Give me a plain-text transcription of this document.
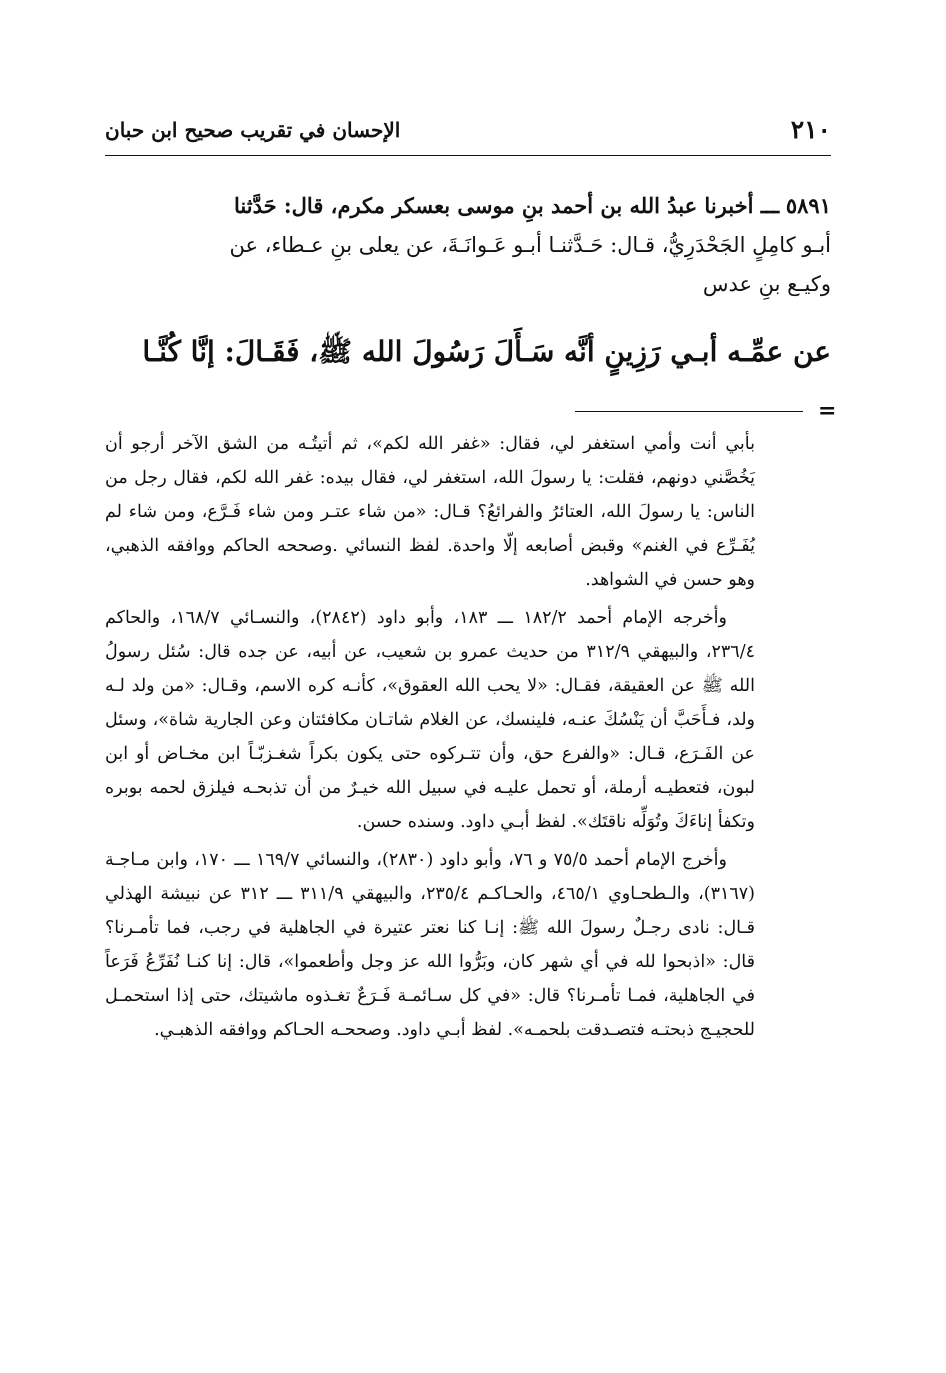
٢١٠
الإحسان في تقريب صحيح ابن حبان

٥٨٩١ ـــ أخبرنا عبدُ الله بن أحمد بنِ موسى بعسكر مكرم، قال: حَدَّثنا

أبـو كامِلٍ الجَحْدَرِيُّ، قـال: حَـدَّثنـا أبـو عَـوانَـةَ، عن يعلى بنِ عـطاء، عن

وكيـع بنِ عدس

عن عمِّـه أبـي رَزِينٍ أنَّه سَـأَلَ رَسُولَ الله ﷺ، فَقَـالَ: إنَّا كُنَّـا
=

بأبي أنت وأمي استغفر لي، فقال: «غفر الله لكم»، ثم أتيتُـه من الشق الآخر أرجو أن يَخُصَّني دونهم، فقلت: يا رسولَ الله، استغفر لي، فقال بيده: غفر الله لكم، فقال رجل من الناس: يا رسولَ الله، العتائرُ والفرائعُ؟ قـال: «من شاء عتـر ومن شاء فَـرَّع، ومن شاء لم يُفَـرِّع في الغنم» وقبض أصابعه إلّا واحدة. لفظ النسائي .وصححه الحاكم ووافقه الذهبي، وهو حسن في الشواهد.

وأخرجه الإمام أحمد ١٨٢/٢ ـــ ١٨٣، وأبو داود (٢٨٤٢)، والنسـائي ١٦٨/٧، والحاكم ٢٣٦/٤، والبيهقي ٣١٢/٩ من حديث عمرو بن شعيب، عن أبيه، عن جده قال: سُئل رسولُ الله ﷺ عن العقيقة، فقـال: «لا يحب الله العقوق»، كأنـه كره الاسم، وقـال: «من ولد لـه ولد، فـأَحَبَّ أن يَنْسُكَ عنـه، فلينسك، عن الغلام شاتـان مكافئتان وعن الجارية شاة»، وسئل عن الفَـرَع، قـال: «والفرع حق، وأن تتـركوه حتى يكون بكراً شغـزبّـاً ابن مخـاض أو ابن لبون، فتعطيـه أرملة، أو تحمل عليـه في سبيل الله خيـرٌ من أن تذبحـه فيلزق لحمه بوبره وتكفأ إناءَكَ وتُوَلِّه ناقتَك». لفظ أبـي داود. وسنده حسن.

وأخرج الإمام أحمد ٧٥/٥ و ٧٦، وأبو داود (٢٨٣٠)، والنسائي ١٦٩/٧ ـــ ١٧٠، وابن مـاجـة (٣١٦٧)، والـطحـاوي ٤٦٥/١، والحـاكـم ٢٣٥/٤، والبيهقي ٣١١/٩ ـــ ٣١٢ عن نبيشة الهذلي قـال: نادى رجـلٌ رسولَ الله ﷺ: إنـا كنا نعتر عتيرة في الجاهلية في رجب، فما تأمـرنا؟ قال: «اذبحوا لله في أي شهر كان، وبَرُّوا الله عز وجل وأطعموا»، قال: إنا كنـا نُفَرِّعُ فَرَعاً في الجاهلية، فمـا تأمـرنا؟ قال: «في كل سـائمـة فَـرَعٌ تغـذوه ماشيتك، حتى إذا استحمـل للحجيـج ذبحتـه فتصـدقت بلحمـه». لفظ أبـي داود. وصححـه الحـاكم ووافقه الذهبـي.
